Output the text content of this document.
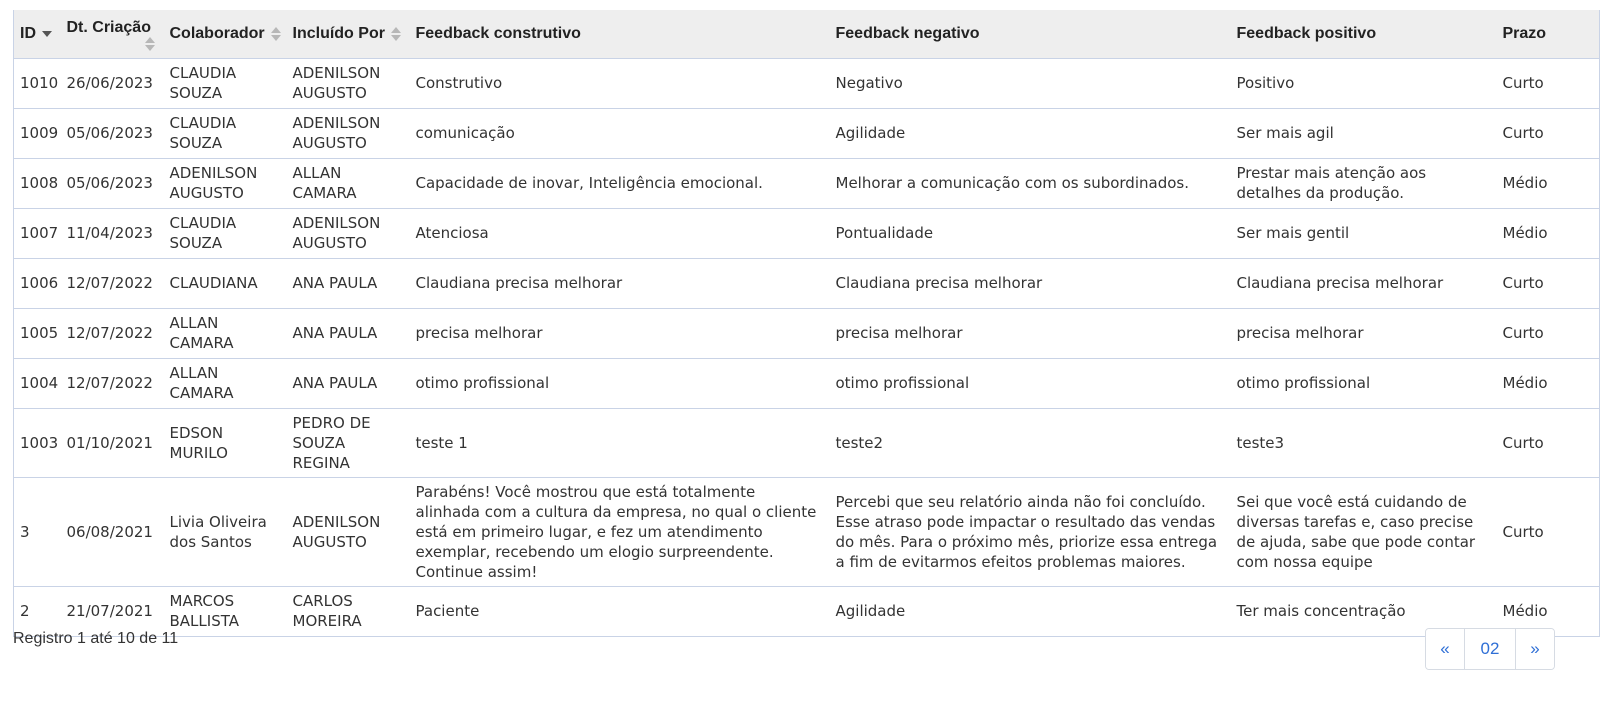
ID	Dt. Criação	Colaborador	Incluído Por	Feedback construtivo	Feedback negativo	Feedback positivo	Prazo
1010	26/06/2023	CLAUDIA SOUZA	ADENILSON AUGUSTO	Construtivo	Negativo	Positivo	Curto
1009	05/06/2023	CLAUDIA SOUZA	ADENILSON AUGUSTO	comunicação	Agilidade	Ser mais agil	Curto
1008	05/06/2023	ADENILSON AUGUSTO	ALLAN CAMARA	Capacidade de inovar, Inteligência emocional.	Melhorar a comunicação com os subordinados.	Prestar mais atenção aos detalhes da produção.	Médio
1007	11/04/2023	CLAUDIA SOUZA	ADENILSON AUGUSTO	Atenciosa	Pontualidade	Ser mais gentil	Médio
1006	12/07/2022	CLAUDIANA	ANA PAULA	Claudiana precisa melhorar	Claudiana precisa melhorar	Claudiana precisa melhorar	Curto
1005	12/07/2022	ALLAN CAMARA	ANA PAULA	precisa melhorar	precisa melhorar	precisa melhorar	Curto
1004	12/07/2022	ALLAN CAMARA	ANA PAULA	otimo profissional	otimo profissional	otimo profissional	Médio
1003	01/10/2021	EDSON MURILO	PEDRO DE SOUZA REGINA	teste 1	teste2	teste3	Curto
3	06/08/2021	Livia Oliveira dos Santos	ADENILSON AUGUSTO	Parabéns! Você mostrou que está totalmente alinhada com a cultura da empresa, no qual o cliente está em primeiro lugar, e fez um atendimento exemplar, recebendo um elogio surpreendente. Continue assim!	Percebi que seu relatório ainda não foi concluído. Esse atraso pode impactar o resultado das vendas do mês. Para o próximo mês, priorize essa entrega a fim de evitarmos efeitos problemas maiores.	Sei que você está cuidando de diversas tarefas e, caso precise de ajuda, sabe que pode contar com nossa equipe	Curto
2	21/07/2021	MARCOS BALLISTA	CARLOS MOREIRA	Paciente	Agilidade	Ter mais concentração	Médio
Registro 1 até 10 de 11
«	02	»
